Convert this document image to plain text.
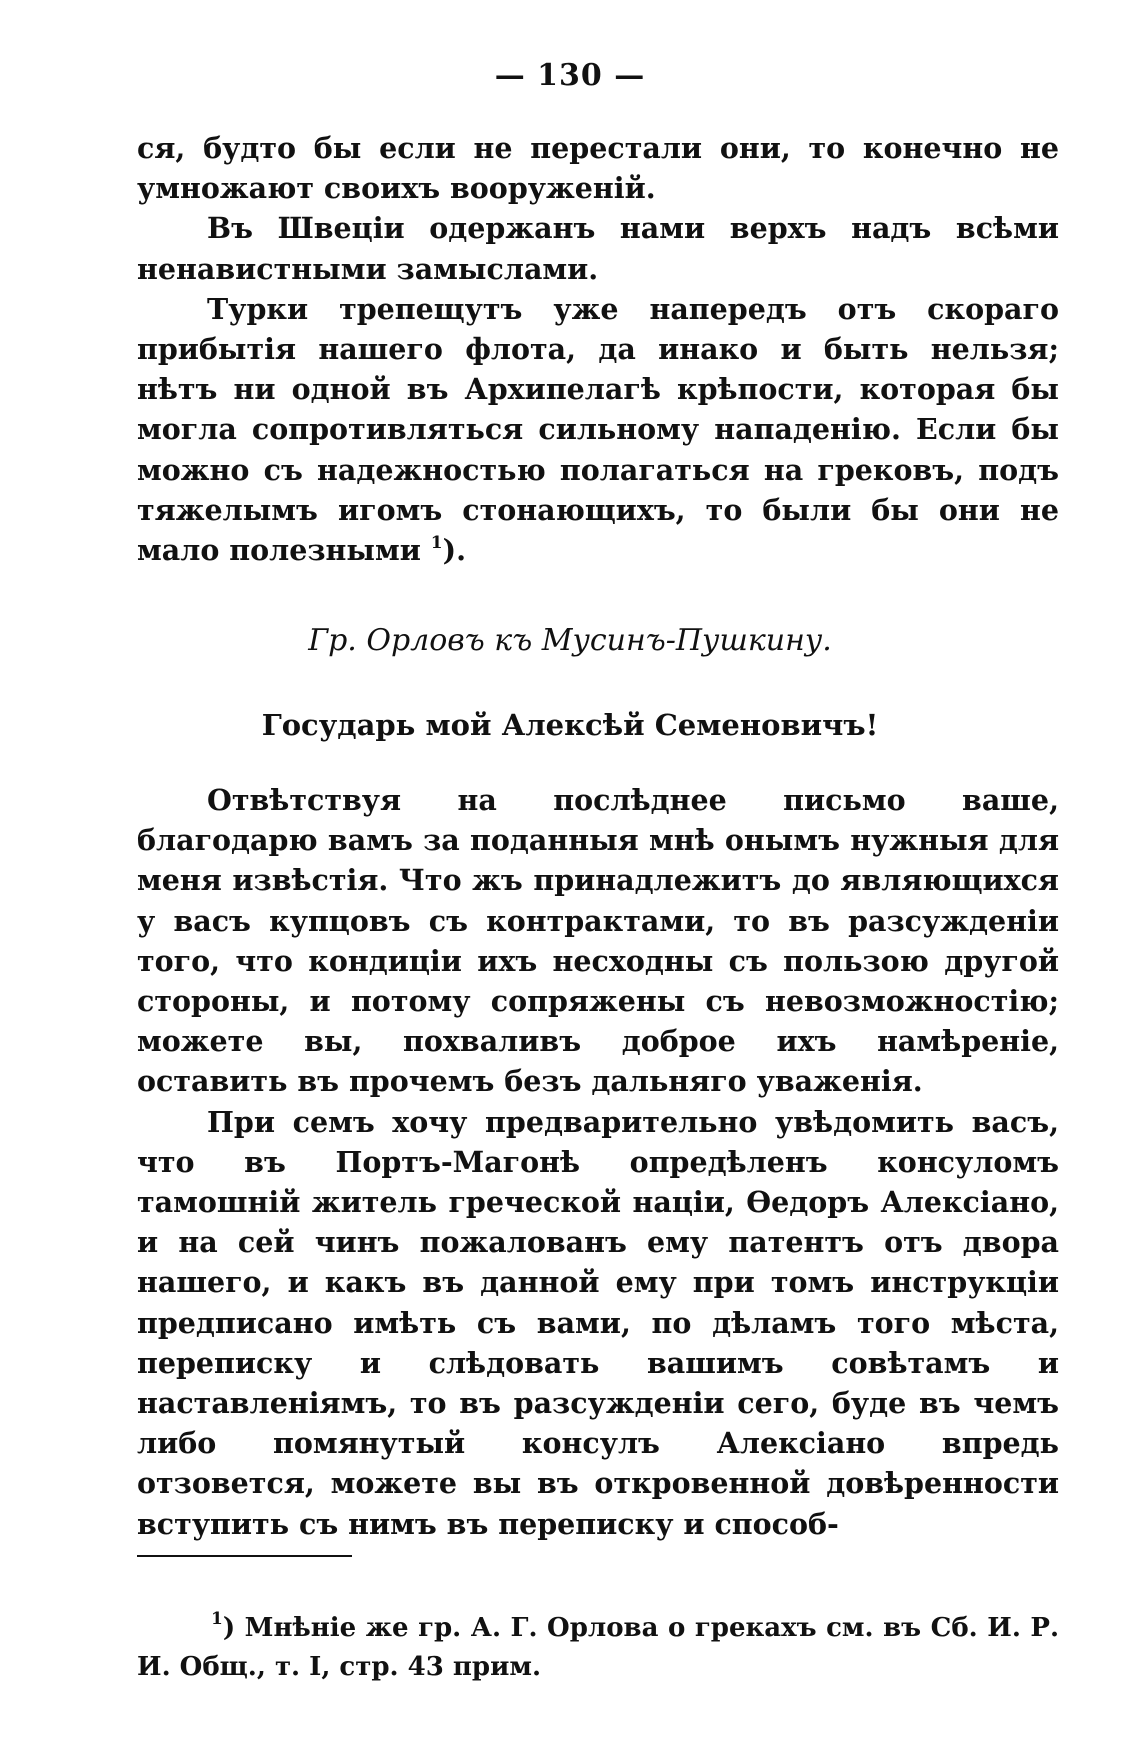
— 130 —

ся, будто бы если не перестали они, то конечно не умножают своихъ вооруженій.

Въ Швеціи одержанъ нами верхъ надъ всѣми ненавистными замыслами.

Турки трепещутъ уже напередъ отъ скораго прибытія нашего флота, да инако и быть нельзя; нѣтъ ни одной въ Архипелагѣ крѣпости, которая бы могла сопротивляться сильному нападенію. Если бы можно съ надежностью полагаться на грековъ, подъ тяжелымъ игомъ стонающихъ, то были бы они не мало полезными $^1$).

Гр. Орловъ къ Мусинъ-Пушкину.
Государь мой Алексѣй Семеновичъ!

Отвѣтствуя на послѣднее письмо ваше, благодарю вамъ за поданныя мнѣ онымъ нужныя для меня извѣстія. Что жъ принадлежитъ до являющихся у васъ купцовъ съ контрактами, то въ разсужденіи того, что кондиціи ихъ несходны съ пользою другой стороны, и потому сопряжены съ невозможностію; можете вы, похваливъ доброе ихъ намѣреніе, оставить въ прочемъ безъ дальняго уваженія.

При семъ хочу предварительно увѣдомить васъ, что въ Портъ-Магонѣ опредѣленъ консуломъ тамошній житель греческой націи, Ѳедоръ Алексіано, и на сей чинъ пожалованъ ему патентъ отъ двора нашего, и какъ въ данной ему при томъ инструкціи предписано имѣть съ вами, по дѣламъ того мѣста, переписку и слѣдовать вашимъ совѣтамъ и наставленіямъ, то въ разсужденіи сего, буде въ чемъ либо помянутый консулъ Алексіано впредь отзовется, можете вы въ откровенной довѣренности вступить съ нимъ въ переписку и способ-

$^1$) Мнѣніе же гр. А. Г. Орлова о грекахъ см. въ Сб. И. Р. И. Общ., т. I, стр. 43 прим.
